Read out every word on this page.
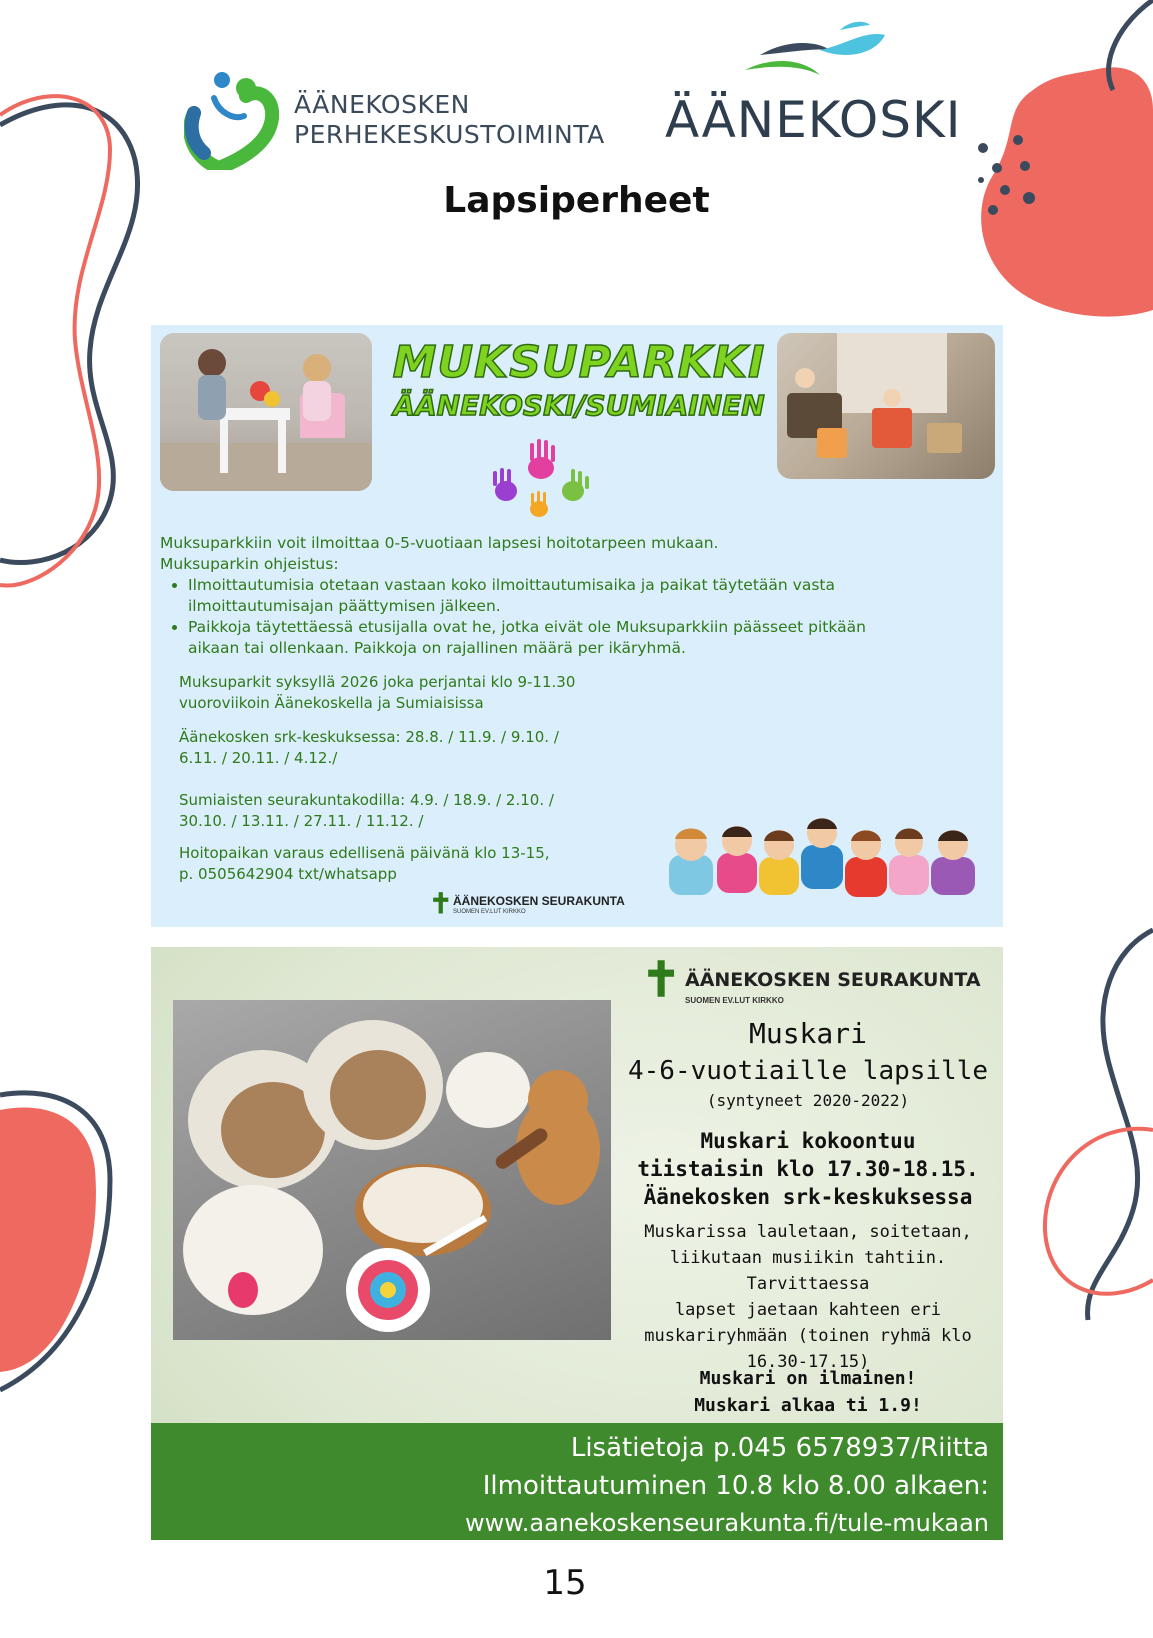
ÄÄNEKOSKEN
PERHEKESKUSTOIMINTA ÄÄNEKOSKI
Lapsiperheet
MUKSUPARKKI
ÄÄNEKOSKI/SUMIAINEN
Muksuparkkiin voit ilmoittaa 0-5-vuotiaan lapsesi hoitotarpeen mukaan.
Muksuparkin ohjeistus:
• Ilmoittautumisia otetaan vastaan koko ilmoittautumisaika ja paikat täytetään vasta
ilmoittautumisajan päättymisen jälkeen.
• Paikkoja täytettäessä etusijalla ovat he, jotka eivät ole Muksuparkkiin päässeet pitkään
aikaan tai ollenkaan. Paikkoja on rajallinen määrä per ikäryhmä.
Muksuparkit syksyllä 2026 joka perjantai klo 9-11.30
vuoroviikoin Äänekoskella ja Sumiaisissa
Äänekosken srk-keskuksessa: 28.8. / 11.9. / 9.10. /
6.11. / 20.11. / 4.12./
Sumiaisten seurakuntakodilla: 4.9. / 18.9. / 2.10. /
30.10. / 13.11. / 27.11. / 11.12. /
Hoitopaikan varaus edellisenä päivänä klo 13-15,
p. 0505642904 txt/whatsapp
✝ ÄÄNEKOSKEN SEURAKUNTA
SUOMEN EV.LUT KIRKKO
✝ ÄÄNEKOSKEN SEURAKUNTA
SUOMEN EV.LUT KIRKKO
Muskari
4-6-vuotiaille lapsille
(syntyneet 2020-2022)
Muskari kokoontuu
tiistaisin klo 17.30-18.15.
Äänekosken srk-keskuksessa
Muskarissa lauletaan, soitetaan,
liikutaan musiikin tahtiin. Tarvittaessa
lapset jaetaan kahteen eri
muskariryhmään (toinen ryhmä klo
16.30-17.15)
Muskari on ilmainen!
Muskari alkaa ti 1.9!
Lisätietoja p.045 6578937/Riitta
Ilmoittautuminen 10.8 klo 8.00 alkaen:
www.aanekoskenseurakunta.fi/tule-mukaan
15
